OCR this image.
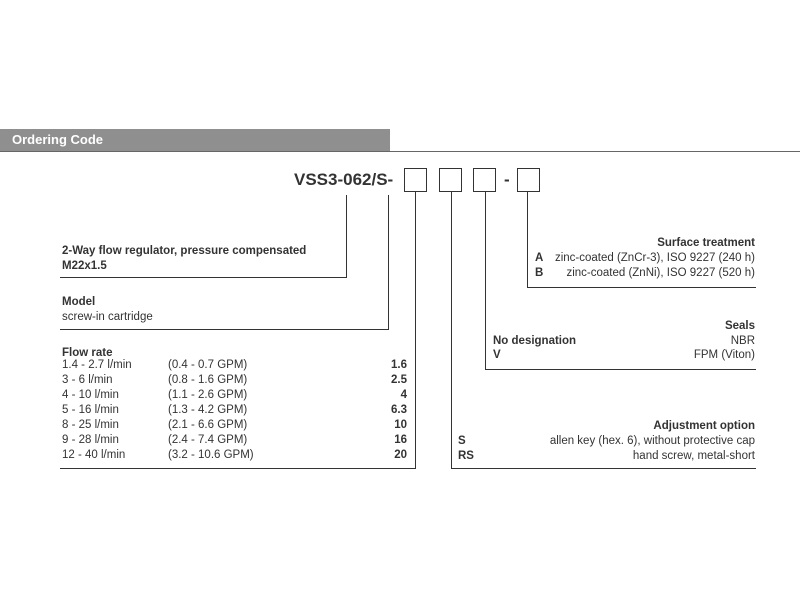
Ordering Code
VSS3-062/S-	-
2-Way flow regulator, pressure compensated
M22x1.5
Model
screw-in cartridge
Flow rate
1.4 - 2.7 l/min	(0.4 - 0.7 GPM)	1.6
3 - 6 l/min	(0.8 - 1.6 GPM)	2.5
4 - 10 l/min	(1.1 - 2.6 GPM)	4
5 - 16 l/min	(1.3 - 4.2 GPM)	6.3
8 - 25 l/min	(2.1 - 6.6 GPM)	10
9 - 28 l/min	(2.4 - 7.4 GPM)	16
12 - 40 l/min	(3.2 - 10.6 GPM)	20
Surface treatment
A zinc-coated (ZnCr-3), ISO 9227 (240 h)
B zinc-coated (ZnNi), ISO 9227 (520 h)
Seals
No designation	NBR
V	FPM (Viton)
Adjustment option
S	allen key (hex. 6), without protective cap
RS	hand screw, metal-short
